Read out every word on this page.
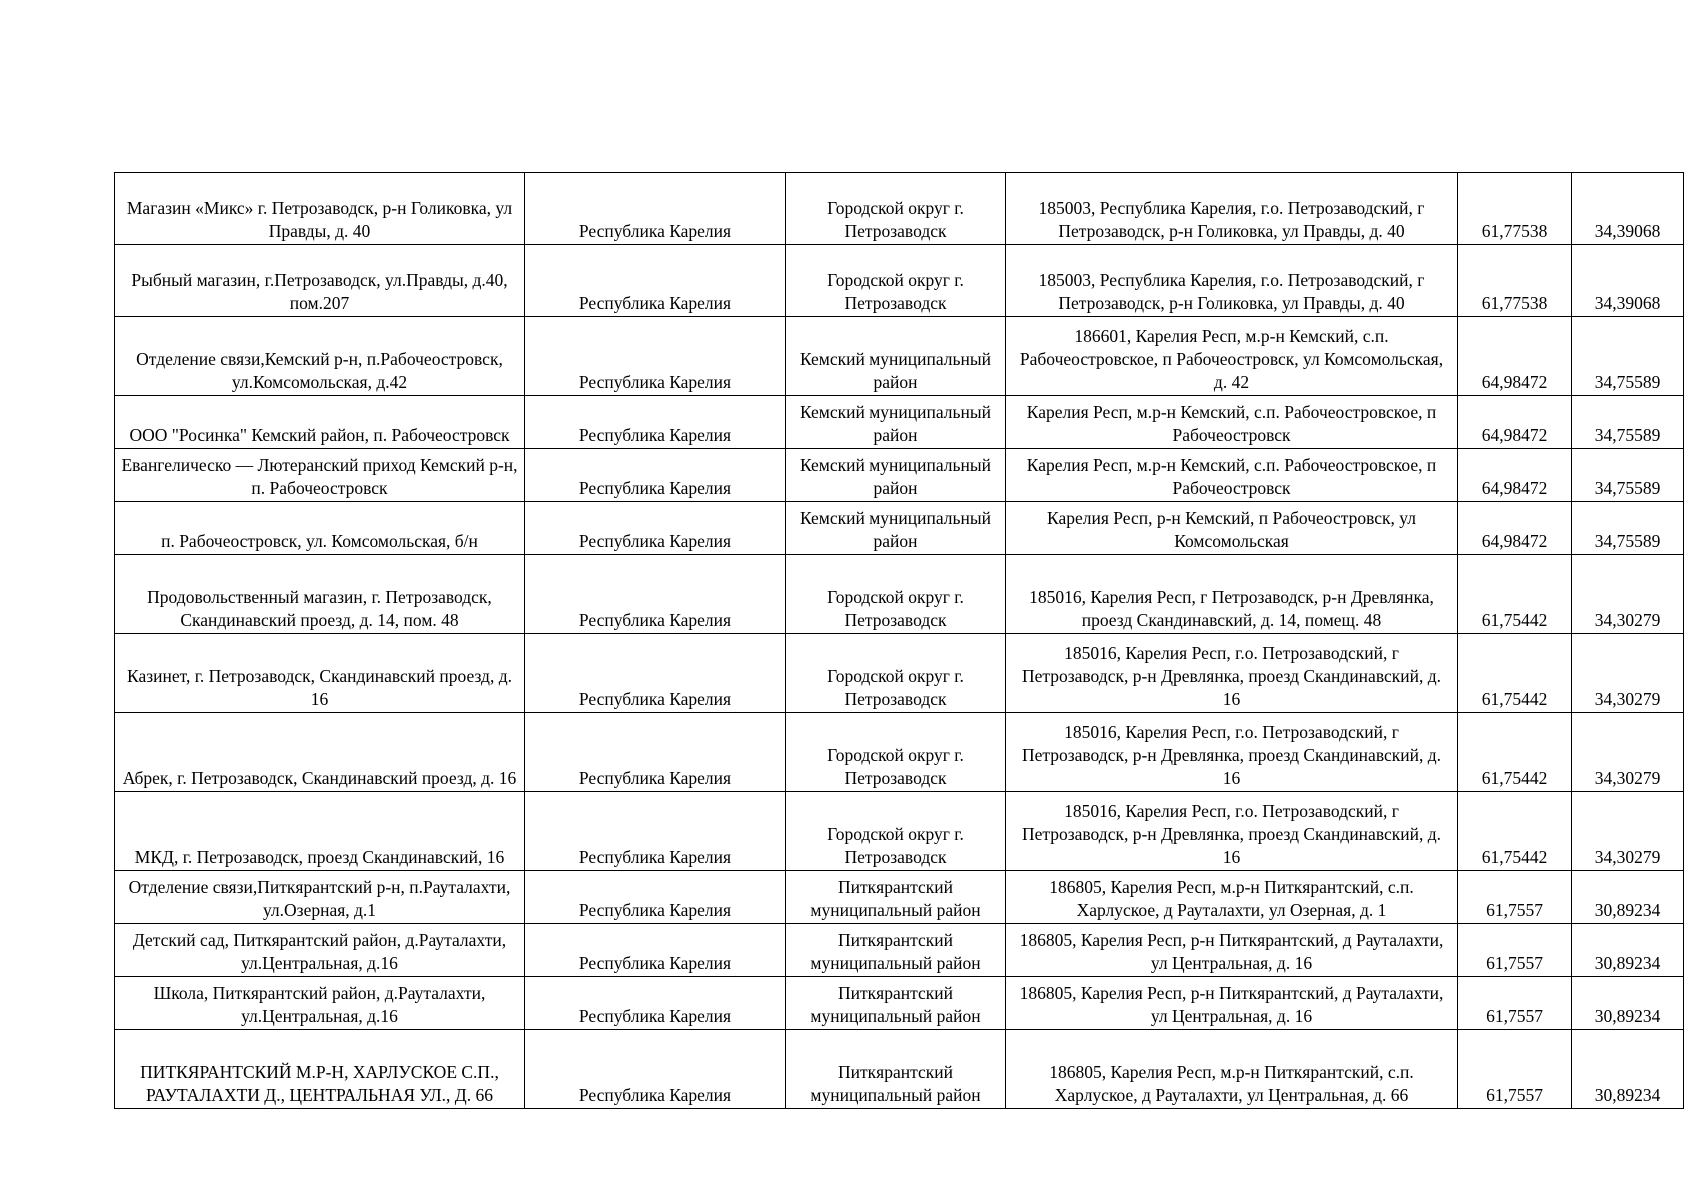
Магазин «Микс» г. Петрозаводск, р-н Голиковка, ул Правды, д. 40	Республика Карелия	Городской округ г. Петрозаводск	185003, Республика Карелия, г.о. Петрозаводский, г Петрозаводск, р-н Голиковка, ул Правды, д. 40	61,77538	34,39068
Рыбный магазин, г.Петрозаводск, ул.Правды, д.40, пом.207	Республика Карелия	Городской округ г. Петрозаводск	185003, Республика Карелия, г.о. Петрозаводский, г Петрозаводск, р-н Голиковка, ул Правды, д. 40	61,77538	34,39068
Отделение связи,Кемский р-н, п.Рабочеостровск, ул.Комсомольская, д.42	Республика Карелия	Кемский муниципальный район	186601, Карелия Респ, м.р-н Кемский, с.п. Рабочеостровское, п Рабочеостровск, ул Комсомольская, д. 42	64,98472	34,75589
ООО "Росинка" Кемский район, п. Рабочеостровск	Республика Карелия	Кемский муниципальный район	Карелия Респ, м.р-н Кемский, с.п. Рабочеостровское, п Рабочеостровск	64,98472	34,75589
Евангелическо — Лютеранский приход Кемский р-н, п. Рабочеостровск	Республика Карелия	Кемский муниципальный район	Карелия Респ, м.р-н Кемский, с.п. Рабочеостровское, п Рабочеостровск	64,98472	34,75589
п. Рабочеостровск, ул. Комсомольская, б/н	Республика Карелия	Кемский муниципальный район	Карелия Респ, р-н Кемский, п Рабочеостровск, ул Комсомольская	64,98472	34,75589
Продовольственный магазин, г. Петрозаводск, Скандинавский проезд, д. 14, пом. 48	Республика Карелия	Городской округ г. Петрозаводск	185016, Карелия Респ, г Петрозаводск, р-н Древлянка, проезд Скандинавский, д. 14, помещ. 48	61,75442	34,30279
Казинет, г. Петрозаводск, Скандинавский проезд, д. 16	Республика Карелия	Городской округ г. Петрозаводск	185016, Карелия Респ, г.о. Петрозаводский, г Петрозаводск, р-н Древлянка, проезд Скандинавский, д. 16	61,75442	34,30279
Абрек, г. Петрозаводск, Скандинавский проезд, д. 16	Республика Карелия	Городской округ г. Петрозаводск	185016, Карелия Респ, г.о. Петрозаводский, г Петрозаводск, р-н Древлянка, проезд Скандинавский, д. 16	61,75442	34,30279
МКД, г. Петрозаводск, проезд Скандинавский, 16	Республика Карелия	Городской округ г. Петрозаводск	185016, Карелия Респ, г.о. Петрозаводский, г Петрозаводск, р-н Древлянка, проезд Скандинавский, д. 16	61,75442	34,30279
Отделение связи,Питкярантский р-н, п.Рауталахти, ул.Озерная, д.1	Республика Карелия	Питкярантский муниципальный район	186805, Карелия Респ, м.р-н Питкярантский, с.п. Харлуское, д Рауталахти, ул Озерная, д. 1	61,7557	30,89234
Детский сад, Питкярантский район, д.Рауталахти, ул.Центральная, д.16	Республика Карелия	Питкярантский муниципальный район	186805, Карелия Респ, р-н Питкярантский, д Рауталахти, ул Центральная, д. 16	61,7557	30,89234
Школа, Питкярантский район, д.Рауталахти, ул.Центральная, д.16	Республика Карелия	Питкярантский муниципальный район	186805, Карелия Респ, р-н Питкярантский, д Рауталахти, ул Центральная, д. 16	61,7557	30,89234
ПИТКЯРАНТСКИЙ М.Р-Н, ХАРЛУСКОЕ С.П., РАУТАЛАХТИ Д., ЦЕНТРАЛЬНАЯ УЛ., Д. 66	Республика Карелия	Питкярантский муниципальный район	186805, Карелия Респ, м.р-н Питкярантский, с.п. Харлуское, д Рауталахти, ул Центральная, д. 66	61,7557	30,89234
